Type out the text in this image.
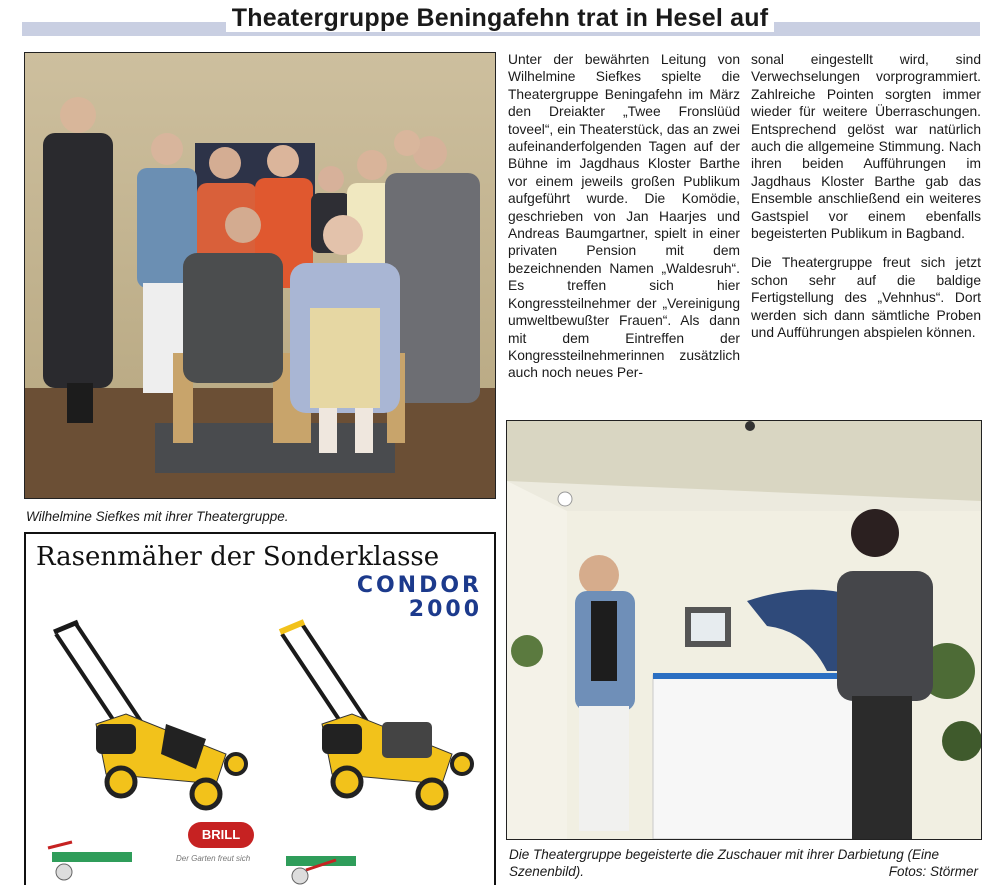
Theatergruppe Beningafehn trat in Hesel auf
Wilhelmine Siefkes mit ihrer Theatergruppe.

Unter der bewährten Leitung von Wilhelmine Siefkes spielte die Theatergruppe Beningafehn im März den Dreiakter „Twee Fronslüüd toveel“, ein Theaterstück, das an zwei aufeinanderfolgenden Tagen auf der Bühne im Jagdhaus Kloster Barthe vor einem jeweils großen Publikum aufgeführt wurde. Die Komödie, geschrieben von Jan Haarjes und Andreas Baumgartner, spielt in einer privaten Pension mit dem bezeichnenden Namen „Waldesruh“. Es treffen sich hier Kongressteilnehmer der „Vereinigung umweltbewußter Frauen“. Als dann mit dem Eintreffen der Kongressteilnehmerinnen zusätzlich auch noch neues Per-

sonal eingestellt wird, sind Verwechselungen vorprogrammiert. Zahlreiche Pointen sorgten immer wieder für weitere Überraschungen. Entsprechend gelöst war natürlich auch die allgemeine Stimmung. Nach ihren beiden Aufführungen im Jagdhaus Kloster Barthe gab das Ensemble anschließend ein weiteres Gastspiel vor einem ebenfalls begeisterten Publikum in Bagband.

Die Theatergruppe freut sich jetzt schon sehr auf die baldige Fertigstellung des „Vehnhus“. Dort werden sich dann sämtliche Proben und Aufführungen abspielen können.

Die Theatergruppe begeisterte die Zuschauer mit ihrer Darbietung (Eine Szenenbild).	Fotos: Störmer
Rasenmäher der Sonderklasse
CONDOR
2000
BRILL
Der Garten freut sich
